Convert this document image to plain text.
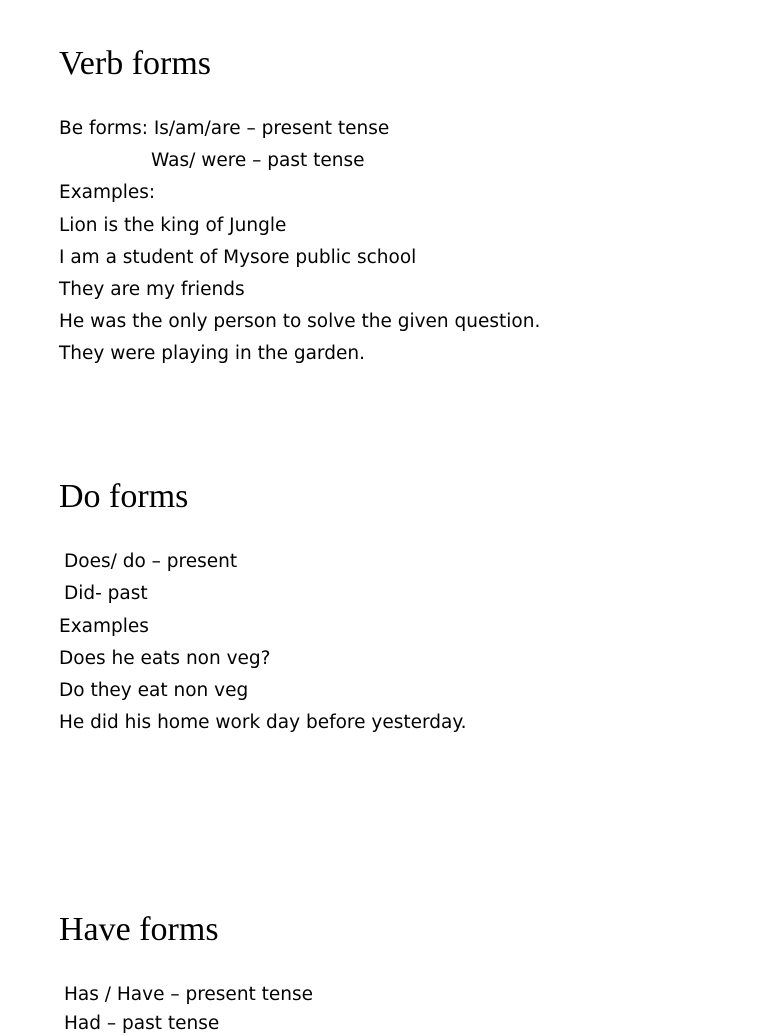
Verb forms

Be forms: Is/am/are – present tense

Was/ were – past tense

Examples:

Lion is the king of Jungle

I am a student of Mysore public school

They are my friends

He was the only person to solve the given question.

They were playing in the garden.

Do forms

Does/ do – present

Did- past

Examples

Does he eats non veg?

Do they eat non veg

He did his home work day before yesterday.

Have forms

Has / Have – present tense

Had – past tense
